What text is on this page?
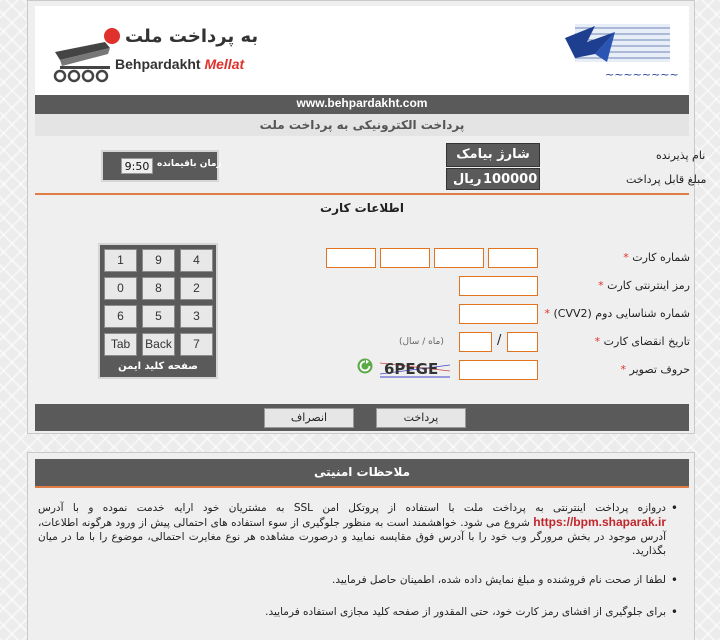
به پرداخت ملت
Behpardakht Mellat
~~~~~~~~
www.behpardakht.com
پرداخت الکترونیکی به پرداخت ملت
نام پذیرنده
شارژ بیامک
مبلغ قابل پرداخت
ریال 100000
9:50 زمان باقیمانده
اطلاعات کارت
شماره کارت *
رمز اینترنتی کارت *
شماره شناسایی دوم (CVV2) *
تاریخ انقضای کارت *
/
(ماه / سال)
حروف تصویر *
6PEGE
1	9	4
0	8	2
6	5	3
Tab	Back	7
صفحه کلید ایمن
پرداخت
انصراف
ملاحظات امنیتی
•
دروازه پرداخت اینترنتی به پرداخت ملت با استفاده از پروتکل امن SSL به مشتریان خود ارایه خدمت نموده و با آدرس https://bpm.shaparak.ir شروع می شود. خواهشمند است به منظور جلوگیری از سوء استفاده های احتمالی پیش از ورود هرگونه اطلاعات، آدرس موجود در بخش مرورگر وب خود را با آدرس فوق مقایسه نمایید و درصورت مشاهده هر نوع مغایرت احتمالی، موضوع را با ما در میان بگذارید.
•
لطفا از صحت نام فروشنده و مبلغ نمایش داده شده، اطمینان حاصل فرمایید.
•
برای جلوگیری از افشای رمز کارت خود، حتی المقدور از صفحه کلید مجازی استفاده فرمایید.
